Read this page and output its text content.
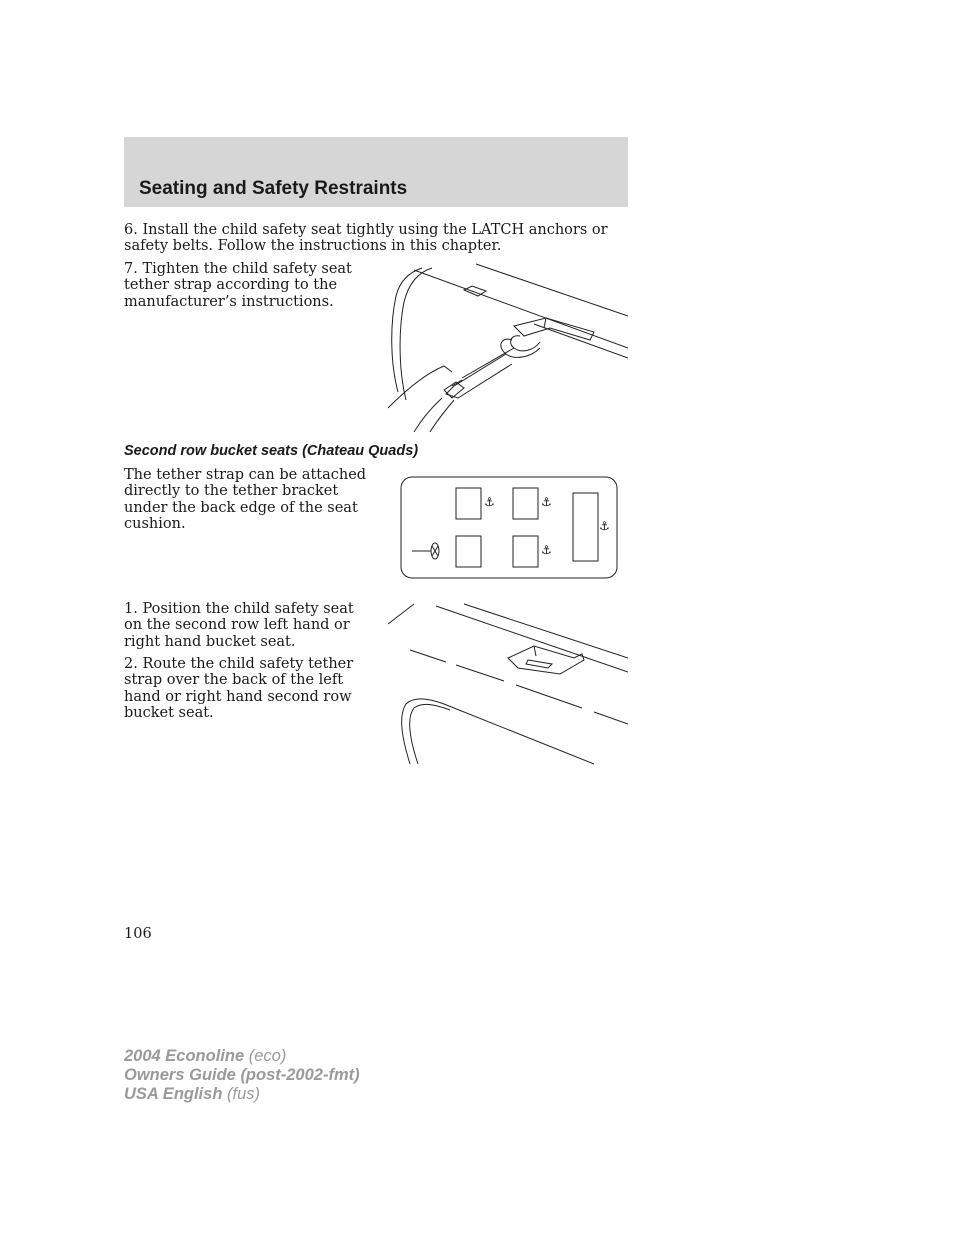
Seating and Safety Restraints

6. Install the child safety seat tightly using the LATCH anchors or safety belts. Follow the instructions in this chapter.

7. Tighten the child safety seat tether strap according to the manufacturer’s instructions.

Second row bucket seats (Chateau Quads)

The tether strap can be attached directly to the tether bracket under the back edge of the seat cushion.

⚓	⚓
⚓
⚓

1. Position the child safety seat on the second row left hand or right hand bucket seat.

2. Route the child safety tether strap over the back of the left hand or right hand second row bucket seat.

106
2004 Econoline (eco)
Owners Guide (post-2002-fmt)
USA English (fus)
